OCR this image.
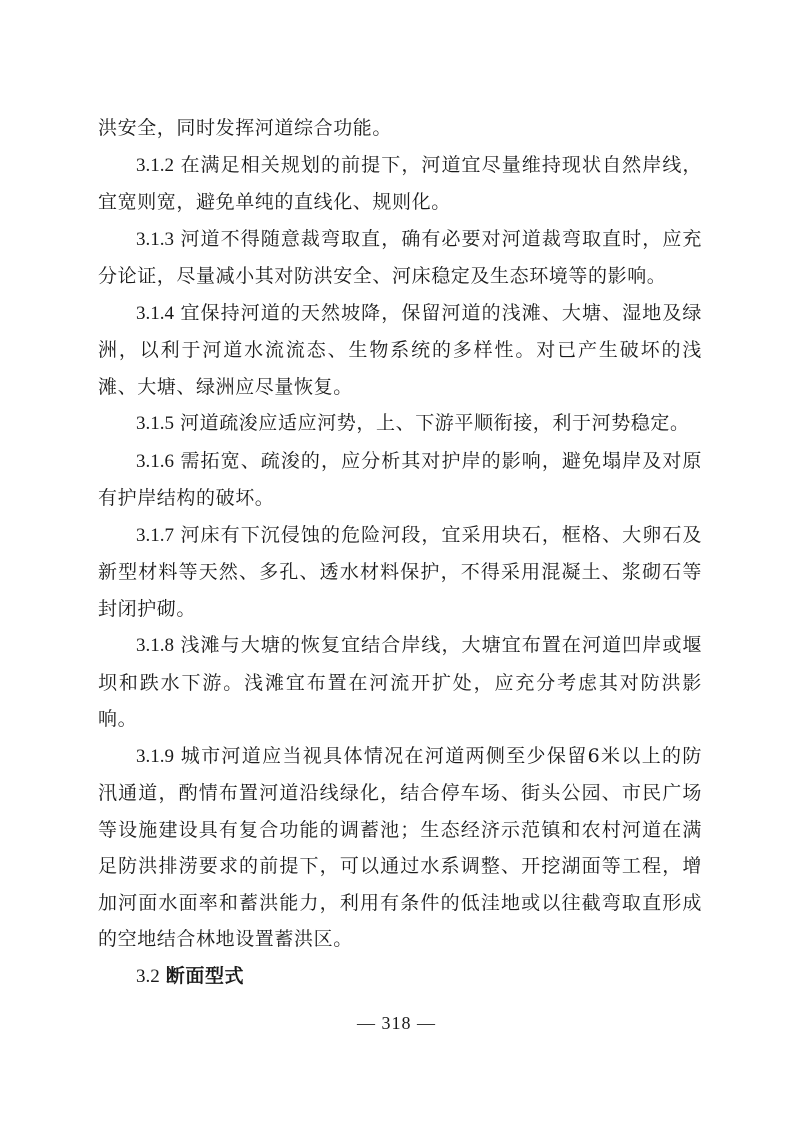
洪安全，同时发挥河道综合功能。

3.1.2 在满足相关规划的前提下，河道宜尽量维持现状自然岸线，宜宽则宽，避免单纯的直线化、规则化。

3.1.3 河道不得随意裁弯取直，确有必要对河道裁弯取直时，应充分论证，尽量减小其对防洪安全、河床稳定及生态环境等的影响。

3.1.4 宜保持河道的天然坡降，保留河道的浅滩、大塘、湿地及绿洲，以利于河道水流流态、生物系统的多样性。对已产生破坏的浅滩、大塘、绿洲应尽量恢复。

3.1.5 河道疏浚应适应河势，上、下游平顺衔接，利于河势稳定。

3.1.6 需拓宽、疏浚的，应分析其对护岸的影响，避免塌岸及对原有护岸结构的破坏。

3.1.7 河床有下沉侵蚀的危险河段，宜采用块石，框格、大卵石及新型材料等天然、多孔、透水材料保护，不得采用混凝土、浆砌石等封闭护砌。

3.1.8 浅滩与大塘的恢复宜结合岸线，大塘宜布置在河道凹岸或堰坝和跌水下游。浅滩宜布置在河流开扩处，应充分考虑其对防洪影响。

3.1.9 城市河道应当视具体情况在河道两侧至少保留6米以上的防汛通道，酌情布置河道沿线绿化，结合停车场、街头公园、市民广场等设施建设具有复合功能的调蓄池；生态经济示范镇和农村河道在满足防洪排涝要求的前提下，可以通过水系调整、开挖湖面等工程，增加河面水面率和蓄洪能力，利用有条件的低洼地或以往截弯取直形成的空地结合林地设置蓄洪区。

3.2 断面型式

— 318 —
